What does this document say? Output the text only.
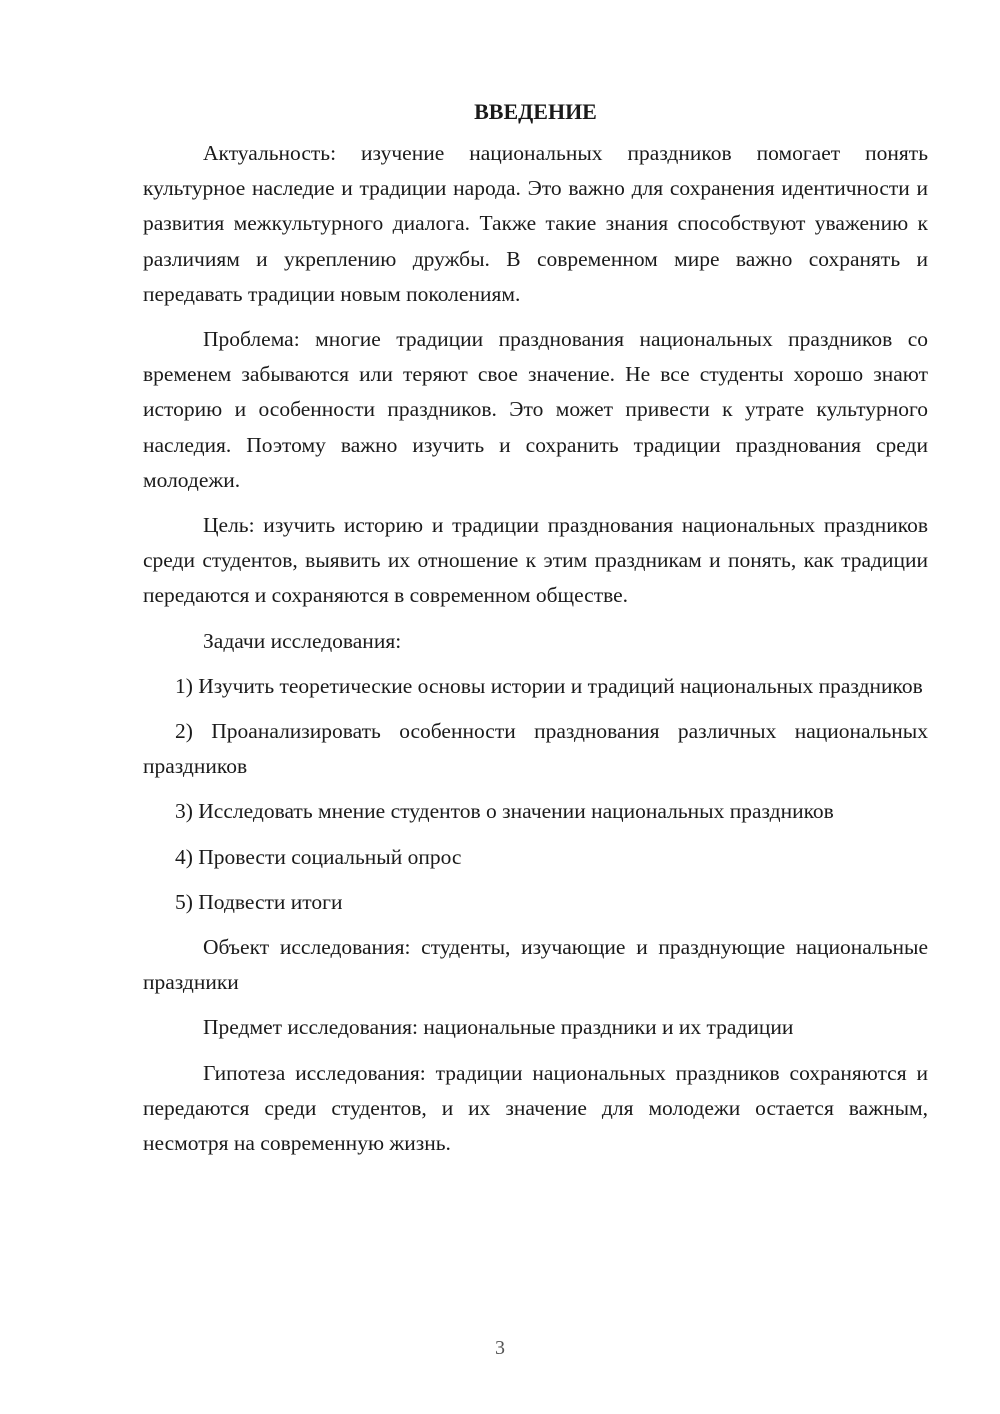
ВВЕДЕНИЕ

Актуальность: изучение национальных праздников помогает понять культурное наследие и традиции народа. Это важно для сохранения идентичности и развития межкультурного диалога. Также такие знания способствуют уважению к различиям и укреплению дружбы. В современном мире важно сохранять и передавать традиции новым поколениям.

Проблема: многие традиции празднования национальных праздников со временем забываются или теряют свое значение. Не все студенты хорошо знают историю и особенности праздников. Это может привести к утрате культурного наследия. Поэтому важно изучить и сохранить традиции празднования среди молодежи.

Цель: изучить историю и традиции празднования национальных праздников среди студентов, выявить их отношение к этим праздникам и понять, как традиции передаются и сохраняются в современном обществе.

Задачи исследования:

1) Изучить теоретические основы истории и традиций национальных праздников

2) Проанализировать особенности празднования различных национальных праздников

3) Исследовать мнение студентов о значении национальных праздников

4) Провести социальный опрос

5) Подвести итоги

Объект исследования: студенты, изучающие и празднующие национальные праздники

Предмет исследования: национальные праздники и их традиции

Гипотеза исследования: традиции национальных праздников сохраняются и передаются среди студентов, и их значение для молодежи остается важным, несмотря на современную жизнь.

3
